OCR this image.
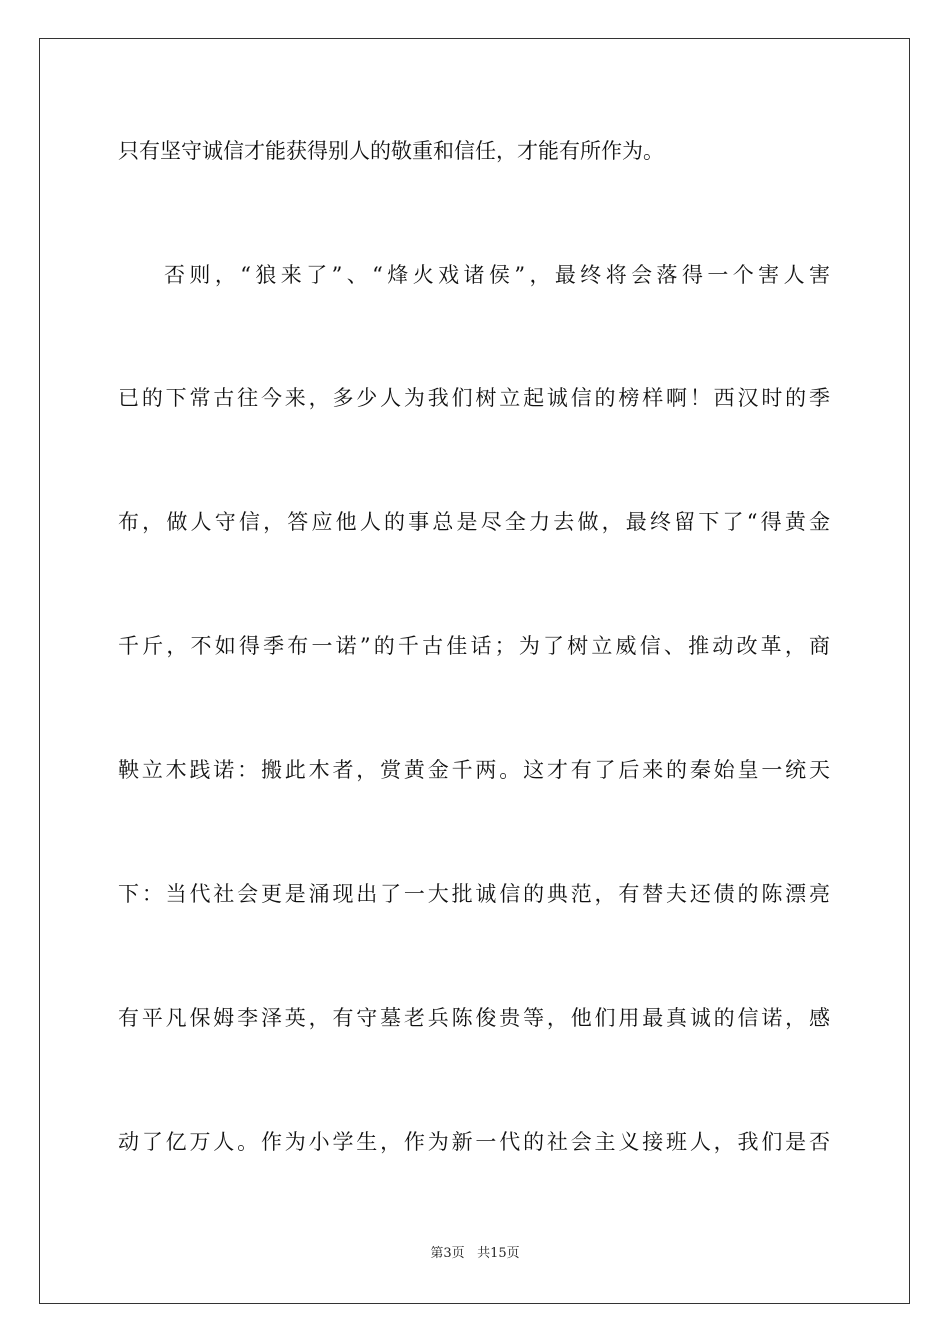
只有坚守诚信才能获得别人的敬重和信任，才能有所作为。
否则，“狼来了”、“烽火戏诸侯”，最终将会落得一个害人害
已的下常古往今来，多少人为我们树立起诚信的榜样啊！西汉时的季
布，做人守信，答应他人的事总是尽全力去做，最终留下了“得黄金
千斤，不如得季布一诺”的千古佳话；为了树立威信、推动改革，商
鞅立木践诺：搬此木者，赏黄金千两。这才有了后来的秦始皇一统天
下：当代社会更是涌现出了一大批诚信的典范，有替夫还债的陈漂亮
有平凡保姆李泽英，有守墓老兵陈俊贵等，他们用最真诚的信诺，感
动了亿万人。作为小学生，作为新一代的社会主义接班人，我们是否
第3页 共15页
